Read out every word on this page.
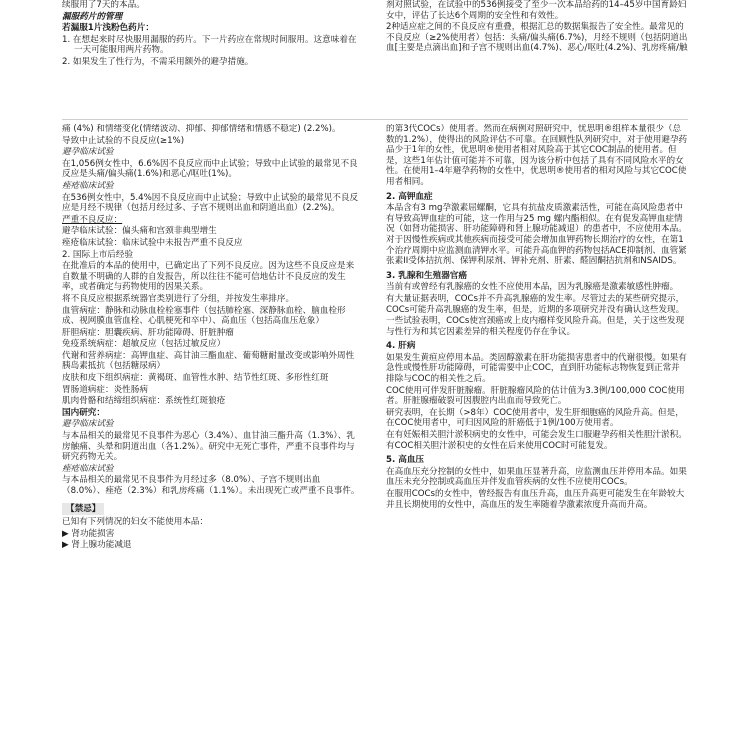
续服用了7天的本品。

漏服药片的管理

若漏服1片浅粉色药片：

1. 在想起来时尽快服用漏服的药片。下一片药应在常规时间服用。这意味着在一天可能服用两片药物。

2. 如果发生了性行为，不需采用额外的避孕措施。

剂对照试验，在试验中的536例接受了至少一次本品给药的14–45岁中国育龄妇女中，评估了长达6个周期的安全性和有效性。

2种适应症之间的不良反应有重叠，根据汇总的数据集报告了安全性。最常见的不良反应（≥2%使用者）包括：头痛/偏头痛(6.7%)，月经不规则（包括阴道出血[主要是点滴出血]和子宫不规则出血(4.7%)、恶心/呕吐(4.2%)、乳房疼痛/触

痛 (4%) 和情绪变化(情绪波动、抑郁、抑郁情绪和情感不稳定) (2.2%)。

导致中止试验的不良反应(≥1%)

避孕临床试验

在1,056例女性中，6.6%因不良反应而中止试验；导致中止试验的最常见不良反应是头痛/偏头痛(1.6%)和恶心/呕吐(1%)。

痤疮临床试验

在536例女性中，5.4%因不良反应而中止试验；导致中止试验的最常见不良反应是月经不规律（包括月经过多、子宫不规则出血和阴道出血）(2.2%)。

严重不良反应：

避孕临床试验：偏头痛和宫颈非典型增生

痤疮临床试验：临床试验中未报告严重不良反应

2. 国际上市后经验

在批准后的本品的使用中，已确定出了下列不良反应。因为这些不良反应是来自数量不明确的人群的自发报告，所以往往不能可信地估计不良反应的发生率，或者确定与药物使用的因果关系。

将不良反应根据系统器官类别进行了分组，并按发生率排序。

血管病症：静脉和动脉血栓栓塞事件（包括肺栓塞、深静脉血栓、脑血栓形成、视网膜血管血栓、心肌梗死和卒中）、高血压（包括高血压危象）

肝胆病症：胆囊疾病、肝功能障碍、肝脏肿瘤

免疫系统病症：超敏反应（包括过敏反应）

代谢和营养病症：高钾血症、高甘油三酯血症、葡萄糖耐量改变或影响外周性胰岛素抵抗（包括糖尿病）

皮肤和皮下组织病症：黄褐斑、血管性水肿、结节性红斑、多形性红斑

胃肠道病症：炎性肠病

肌肉骨骼和结缔组织病症：系统性红斑狼疮

国内研究：

避孕临床试验

与本品相关的最常见不良事件为恶心（3.4%）、血甘油三酯升高（1.3%）、乳房触痛、头晕和阴道出血（各1.2%）。研究中无死亡事件，严重不良事件均与研究药物无关。

痤疮临床试验

与本品相关的最常见不良事件为月经过多（8.0%）、子宫不规则出血（8.0%）、痤疮（2.3%）和乳房疼痛（1.1%）。未出现死亡或严重不良事件。

【禁忌】

已知有下列情况的妇女不能使用本品：

▶ 肾功能损害

▶ 肾上腺功能减退

的第3代COCs）使用者。然而在病例对照研究中，忧思明®组样本量很少（总数的1.2%），使得出的风险评估不可靠。在回顾性队列研究中，对于使用避孕药品少于1年的女性，优思明®使用者相对风险高于其它COC制品的使用者。但是，这些1年估计值可能并不可靠，因为该分析中包括了具有不同风险水平的女性。在使用1–4年避孕药物的女性中，优思明®使用者的相对风险与其它COC使用者相同。

2. 高钾血症

本品含有3 mg孕激素屈螺酮，它具有抗盐皮质激素活性，可能在高风险患者中有导致高钾血症的可能，这一作用与25 mg 螺内酯相似。在有促发高钾血症情况（如肾功能损害、肝功能障碍和肾上腺功能减退）的患者中，不应使用本品。对于因慢性疾病或其他疾病而接受可能会增加血钾药物长期治疗的女性，在第1个治疗周期中应监测血清钾水平。可能升高血钾的药物包括ACE抑制剂、血管紧张素II受体拮抗剂、保钾利尿剂、钾补充剂、肝素、醛固酮拮抗剂和NSAIDS。

3. 乳腺和生殖器官癌

当前有或曾经有乳腺癌的女性不应使用本品，因为乳腺癌是激素敏感性肿瘤。

有大量证据表明，COCs并不升高乳腺癌的发生率。尽管过去的某些研究提示，COCs可能升高乳腺癌的发生率，但是，近期的多项研究并没有确认这些发现。

一些试验表明，COCs使宫颈癌或上皮内瘤样变风险升高。但是，关于这些发现与性行为和其它因素差异的相关程度仍存在争议。

4. 肝病

如果发生黄疸应停用本品。类固醇激素在肝功能损害患者中的代谢很慢。如果有急性或慢性肝功能障碍，可能需要中止COC，直到肝功能标志物恢复到正常并排除与COC的相关性之后。

COC使用可伴发肝脏腺瘤。肝脏腺瘤风险的估计值为3.3例/100,000 COC使用者。肝脏腺瘤破裂可因腹腔内出血而导致死亡。

研究表明，在长期（>8年）COC使用者中，发生肝细胞癌的风险升高。但是，在COC使用者中，可归因风险的肝癌低于1例/100万使用者。

在有妊娠相关胆汁淤积病史的女性中，可能会发生口服避孕药相关性胆汁淤积。有COC相关胆汁淤积史的女性在后来使用COC时可能复发。

5. 高血压

在高血压充分控制的女性中，如果血压显著升高，应监测血压并停用本品。如果血压未充分控制或高血压并伴发血管疾病的女性不应使用COCs。

在服用COCs的女性中，曾经报告有血压升高，血压升高更可能发生在年龄较大并且长期使用的女性中，高血压的发生率随着孕激素浓度升高而升高。
